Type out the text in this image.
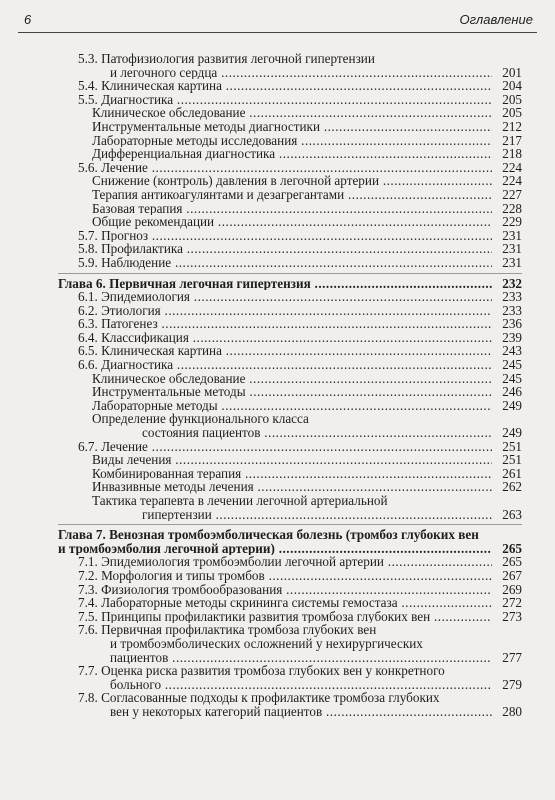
6	Оглавление
5.3. Патофизиология развития легочной гипертензии
и легочного сердца .....	201
5.4. Клиническая картина .....	204
5.5. Диагностика .....	205
Клиническое обследование .....	205
Инструментальные методы диагностики .....	212
Лабораторные методы исследования .....	217
Дифференциальная диагностика .....	218
5.6. Лечение .....	224
Снижение (контроль) давления в легочной артерии .....	224
Терапия антикоагулянтами и дезагрегантами .....	227
Базовая терапия .....	228
Общие рекомендации .....	229
5.7. Прогноз .....	231
5.8. Профилактика .....	231
5.9. Наблюдение .....	231
Глава 6. Первичная легочная гипертензия .....	232
6.1. Эпидемиология .....	233
6.2. Этиология .....	233
6.3. Патогенез .....	236
6.4. Классификация .....	239
6.5. Клиническая картина .....	243
6.6. Диагностика .....	245
Клиническое обследование .....	245
Инструментальные методы .....	246
Лабораторные методы .....	249
Определение функционального класса
состояния пациентов .....	249
6.7. Лечение .....	251
Виды лечения .....	251
Комбинированная терапия .....	261
Инвазивные методы лечения .....	262
Тактика терапевта в лечении легочной артериальной
гипертензии .....	263
Глава 7. Венозная тромбоэмболическая болезнь (тромбоз глубоких вен
и тромбоэмболия легочной артерии) .....	265
7.1. Эпидемиология тромбоэмболии легочной артерии .....	265
7.2. Морфология и типы тромбов .....	267
7.3. Физиология тромбообразования .....	269
7.4. Лабораторные методы скрининга системы гемостаза .....	272
7.5. Принципы профилактики развития тромбоза глубоких вен .....	273
7.6. Первичная профилактика тромбоза глубоких вен
и тромбоэмболических осложнений у нехирургических
пациентов .....	277
7.7. Оценка риска развития тромбоза глубоких вен у конкретного
больного .....	279
7.8. Согласованные подходы к профилактике тромбоза глубоких
вен у некоторых категорий пациентов .....	280
